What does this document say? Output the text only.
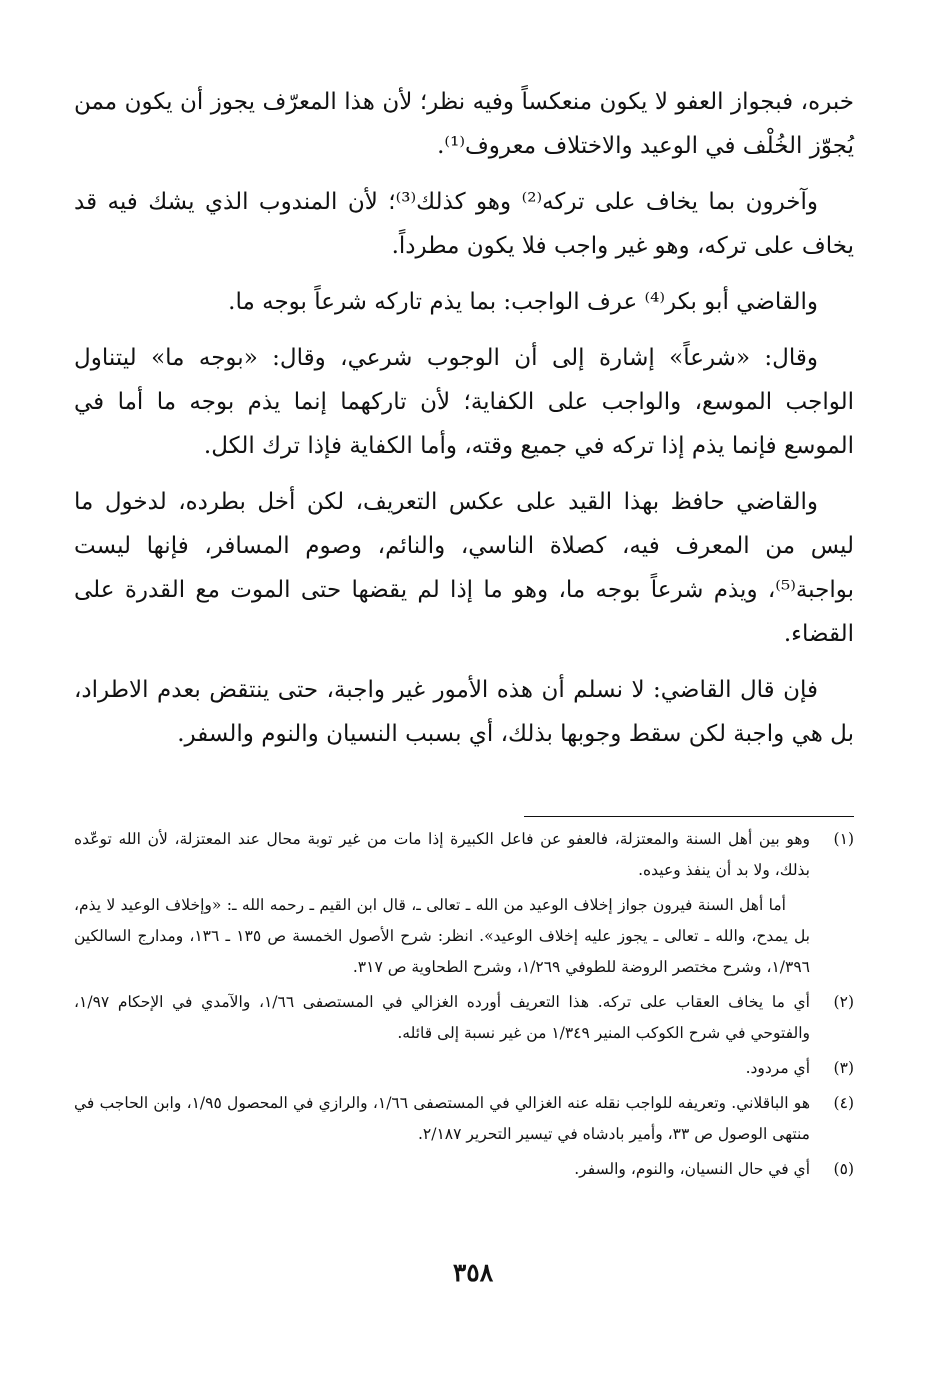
خبره، فبجواز العفو لا يكون منعكساً وفيه نظر؛ لأن هذا المعرّف يجوز أن يكون ممن يُجوّز الخُلْف في الوعيد والاختلاف معروف⁽¹⁾.

وآخرون بما يخاف على تركه⁽²⁾ وهو كذلك⁽³⁾؛ لأن المندوب الذي يشك فيه قد يخاف على تركه، وهو غير واجب فلا يكون مطرداً.

والقاضي أبو بكر⁽⁴⁾ عرف الواجب: بما يذم تاركه شرعاً بوجه ما.

وقال: «شرعاً» إشارة إلى أن الوجوب شرعي، وقال: «بوجه ما» ليتناول الواجب الموسع، والواجب على الكفاية؛ لأن تاركهما إنما يذم بوجه ما أما في الموسع فإنما يذم إذا تركه في جميع وقته، وأما الكفاية فإذا ترك الكل.

والقاضي حافظ بهذا القيد على عكس التعريف، لكن أخل بطرده، لدخول ما ليس من المعرف فيه، كصلاة الناسي، والنائم، وصوم المسافر، فإنها ليست بواجبة⁽⁵⁾، ويذم شرعاً بوجه ما، وهو ما إذا لم يقضها حتى الموت مع القدرة على القضاء.

فإن قال القاضي: لا نسلم أن هذه الأمور غير واجبة، حتى ينتقض بعدم الاطراد، بل هي واجبة لكن سقط وجوبها بذلك، أي بسبب النسيان والنوم والسفر.

(١)
وهو بين أهل السنة والمعتزلة، فالعفو عن فاعل الكبيرة إذا مات من غير توبة محال عند المعتزلة، لأن الله توعّده بذلك، ولا بد أن ينفذ وعيده.
أما أهل السنة فيرون جواز إخلاف الوعيد من الله ـ تعالى ـ، قال ابن القيم ـ رحمه الله ـ: «وإخلاف الوعيد لا يذم، بل يمدح، والله ـ تعالى ـ يجوز عليه إخلاف الوعيد». انظر: شرح الأصول الخمسة ص ١٣٥ ـ ١٣٦، ومدارج السالكين ١/٣٩٦، وشرح مختصر الروضة للطوفي ١/٢٦٩، وشرح الطحاوية ص ٣١٧.
(٢)
أي ما يخاف العقاب على تركه. هذا التعريف أورده الغزالي في المستصفى ١/٦٦، والآمدي في الإحكام ١/٩٧، والفتوحي في شرح الكوكب المنير ١/٣٤٩ من غير نسبة إلى قائله.
(٣)
أي مردود.
(٤)
هو الباقلاني. وتعريفه للواجب نقله عنه الغزالي في المستصفى ١/٦٦، والرازي في المحصول ١/٩٥، وابن الحاجب في منتهى الوصول ص ٣٣، وأمير بادشاه في تيسير التحرير ٢/١٨٧.
(٥)
أي في حال النسيان، والنوم، والسفر.
٣٥٨
